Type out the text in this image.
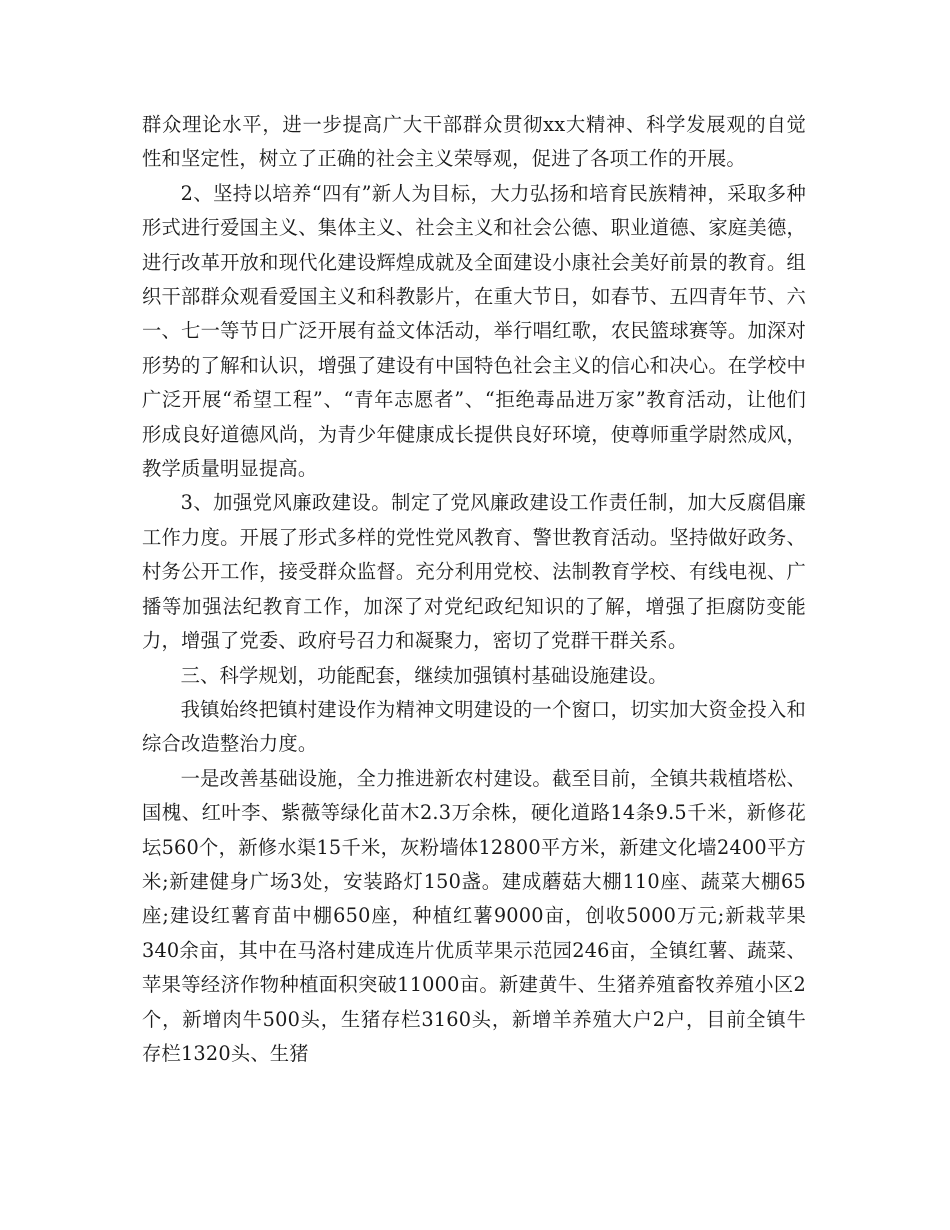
群众理论水平，进一步提高广大干部群众贯彻xx大精神、科学发展观的自觉性和坚定性，树立了正确的社会主义荣辱观，促进了各项工作的开展。

2、坚持以培养“四有”新人为目标，大力弘扬和培育民族精神，采取多种形式进行爱国主义、集体主义、社会主义和社会公德、职业道德、家庭美德，进行改革开放和现代化建设辉煌成就及全面建设小康社会美好前景的教育。组织干部群众观看爱国主义和科教影片，在重大节日，如春节、五四青年节、六一、七一等节日广泛开展有益文体活动，举行唱红歌，农民篮球赛等。加深对形势的了解和认识，增强了建设有中国特色社会主义的信心和决心。在学校中广泛开展“希望工程”、“青年志愿者”、“拒绝毒品进万家”教育活动，让他们形成良好道德风尚，为青少年健康成长提供良好环境，使尊师重学尉然成风，教学质量明显提高。

3、加强党风廉政建设。制定了党风廉政建设工作责任制，加大反腐倡廉工作力度。开展了形式多样的党性党风教育、警世教育活动。坚持做好政务、村务公开工作，接受群众监督。充分利用党校、法制教育学校、有线电视、广播等加强法纪教育工作，加深了对党纪政纪知识的了解，增强了拒腐防变能力，增强了党委、政府号召力和凝聚力，密切了党群干群关系。

三、科学规划，功能配套，继续加强镇村基础设施建设。

我镇始终把镇村建设作为精神文明建设的一个窗口，切实加大资金投入和综合改造整治力度。

一是改善基础设施，全力推进新农村建设。截至目前，全镇共栽植塔松、国槐、红叶李、紫薇等绿化苗木2.3万余株，硬化道路14条9.5千米，新修花坛560个，新修水渠15千米，灰粉墙体12800平方米，新建文化墙2400平方米;新建健身广场3处，安装路灯150盏。建成蘑菇大棚110座、蔬菜大棚65座;建设红薯育苗中棚650座，种植红薯9000亩，创收5000万元;新栽苹果340余亩，其中在马洛村建成连片优质苹果示范园246亩，全镇红薯、蔬菜、苹果等经济作物种植面积突破11000亩。新建黄牛、生猪养殖畜牧养殖小区2个，新增肉牛500头，生猪存栏3160头，新增羊养殖大户2户，目前全镇牛存栏1320头、生猪
